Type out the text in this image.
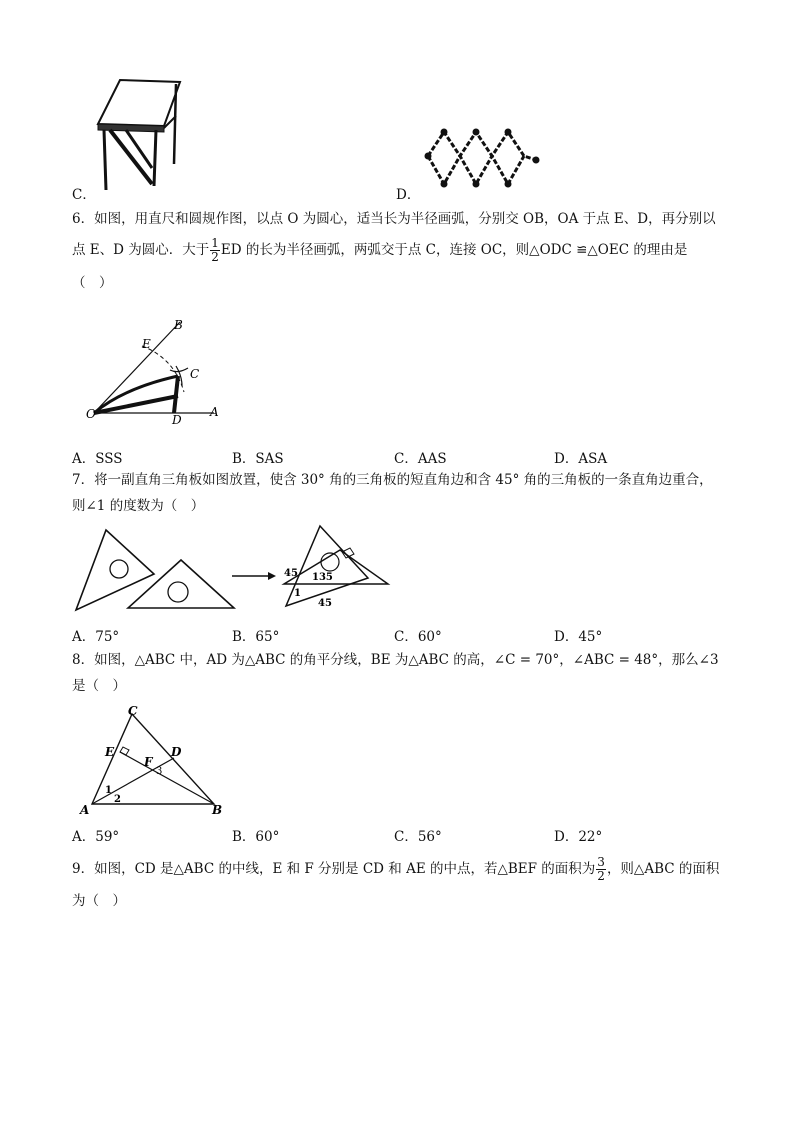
C．	D．
6．如图，用直尺和圆规作图，以点 O 为圆心，适当长为半径画弧，分别交 OB，OA 于点 E、D，再分别以
点 E、D 为圆心．大于 $\frac{1}{2}$ ED 的长为半径画弧，两弧交于点 C，连接 OC，则△ODC ≌△OEC 的理由是
（　）
B
E
C
O	D
A
A．SSS	B．SAS	C．AAS	D．ASA
7．将一副直角三角板如图放置，使含 30° 角的三角板的短直角边和含 45° 角的三角板的一条直角边重合，
则∠1 的度数为（　）
45 135
1
45
A．75°	B．65°	C．60°	D．45°
8．如图，△ABC 中，AD 为△ABC 的角平分线，BE 为△ABC 的高，∠C = 70°，∠ABC = 48°，那么∠3
是（　）
C
E	D
F
3
1
2
A	B
A．59°	B．60°	C．56°	D．22°
9．如图，CD 是△ABC 的中线，E 和 F 分别是 CD 和 AE 的中点，若△BEF 的面积为 $\frac{3}{2}$ ，则△ABC 的面积
为（　）
